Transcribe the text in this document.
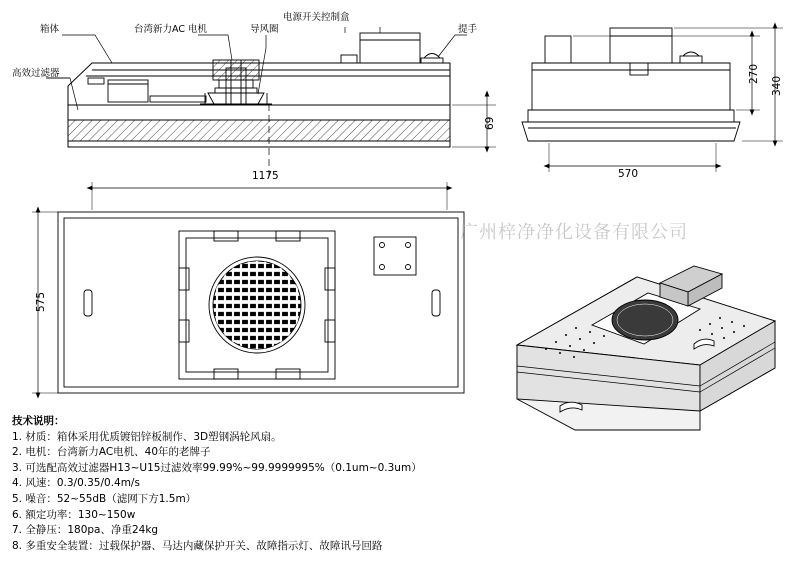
箱体
高效过滤器
台湾新力AC 电机	导风圈
电源开关控制盒
提手
1175
69
575
570
270
340
广州梓净净化设备有限公司
技术说明：
1. 材质：箱体采用优质镀铝锌板制作、3D塑钢涡轮风扇。
2. 电机：台湾新力AC电机、40年的老牌子
3. 可选配高效过滤器H13~U15过滤效率99.99%~99.9999995%（0.1um~0.3um）
4. 风速：0.3/0.35/0.4m/s
5. 噪音：52~55dB（滤网下方1.5m）
6. 额定功率：130~150w
7. 全静压：180pa、净重24kg
8. 多重安全装置：过载保护器、马达内藏保护开关、故障指示灯、故障讯号回路
